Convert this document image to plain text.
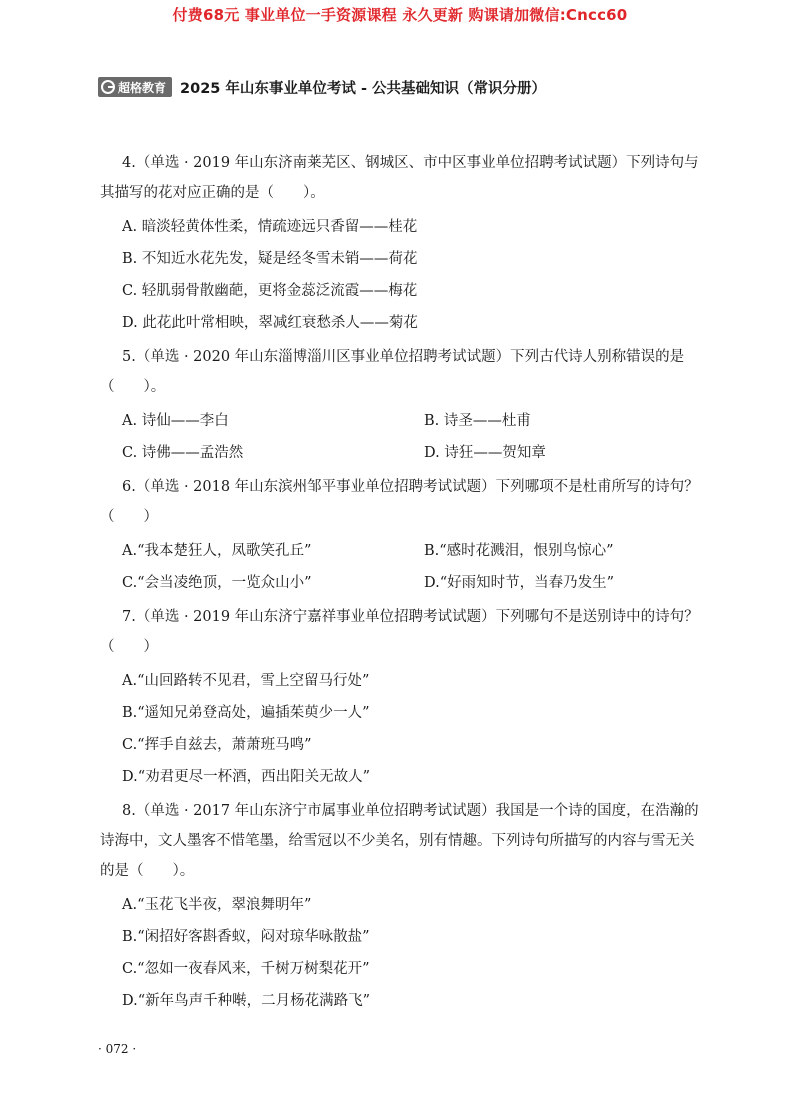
付费68元 事业单位一手资源课程 永久更新 购课请加微信:Cncc60
超格教育 2025 年山东事业单位考试 - 公共基础知识（常识分册）
4.（单选 · 2019 年山东济南莱芜区、钢城区、市中区事业单位招聘考试试题）下列诗句与其描写的花对应正确的是（　　）。
A. 暗淡轻黄体性柔，情疏迹远只香留——桂花
B. 不知近水花先发，疑是经冬雪未销——荷花
C. 轻肌弱骨散幽葩，更将金蕊泛流霞——梅花
D. 此花此叶常相映，翠减红衰愁杀人——菊花
5.（单选 · 2020 年山东淄博淄川区事业单位招聘考试试题）下列古代诗人别称错误的是（　　）。
A. 诗仙——李白	B. 诗圣——杜甫
C. 诗佛——孟浩然	D. 诗狂——贺知章
6.（单选 · 2018 年山东滨州邹平事业单位招聘考试试题）下列哪项不是杜甫所写的诗句？（　　）
A.“我本楚狂人，凤歌笑孔丘”	B.“感时花溅泪，恨别鸟惊心”
C.“会当凌绝顶，一览众山小”	D.“好雨知时节，当春乃发生”
7.（单选 · 2019 年山东济宁嘉祥事业单位招聘考试试题）下列哪句不是送别诗中的诗句？（　　）
A.“山回路转不见君，雪上空留马行处”
B.“遥知兄弟登高处，遍插茱萸少一人”
C.“挥手自兹去，萧萧班马鸣”
D.“劝君更尽一杯酒，西出阳关无故人”
8.（单选 · 2017 年山东济宁市属事业单位招聘考试试题）我国是一个诗的国度，在浩瀚的诗海中，文人墨客不惜笔墨，给雪冠以不少美名，别有情趣。下列诗句所描写的内容与雪无关的是（　　）。
A.“玉花飞半夜，翠浪舞明年”
B.“闲招好客斟香蚁，闷对琼华咏散盐”
C.“忽如一夜春风来，千树万树梨花开”
D.“新年鸟声千种啭，二月杨花满路飞”
· 072 ·
